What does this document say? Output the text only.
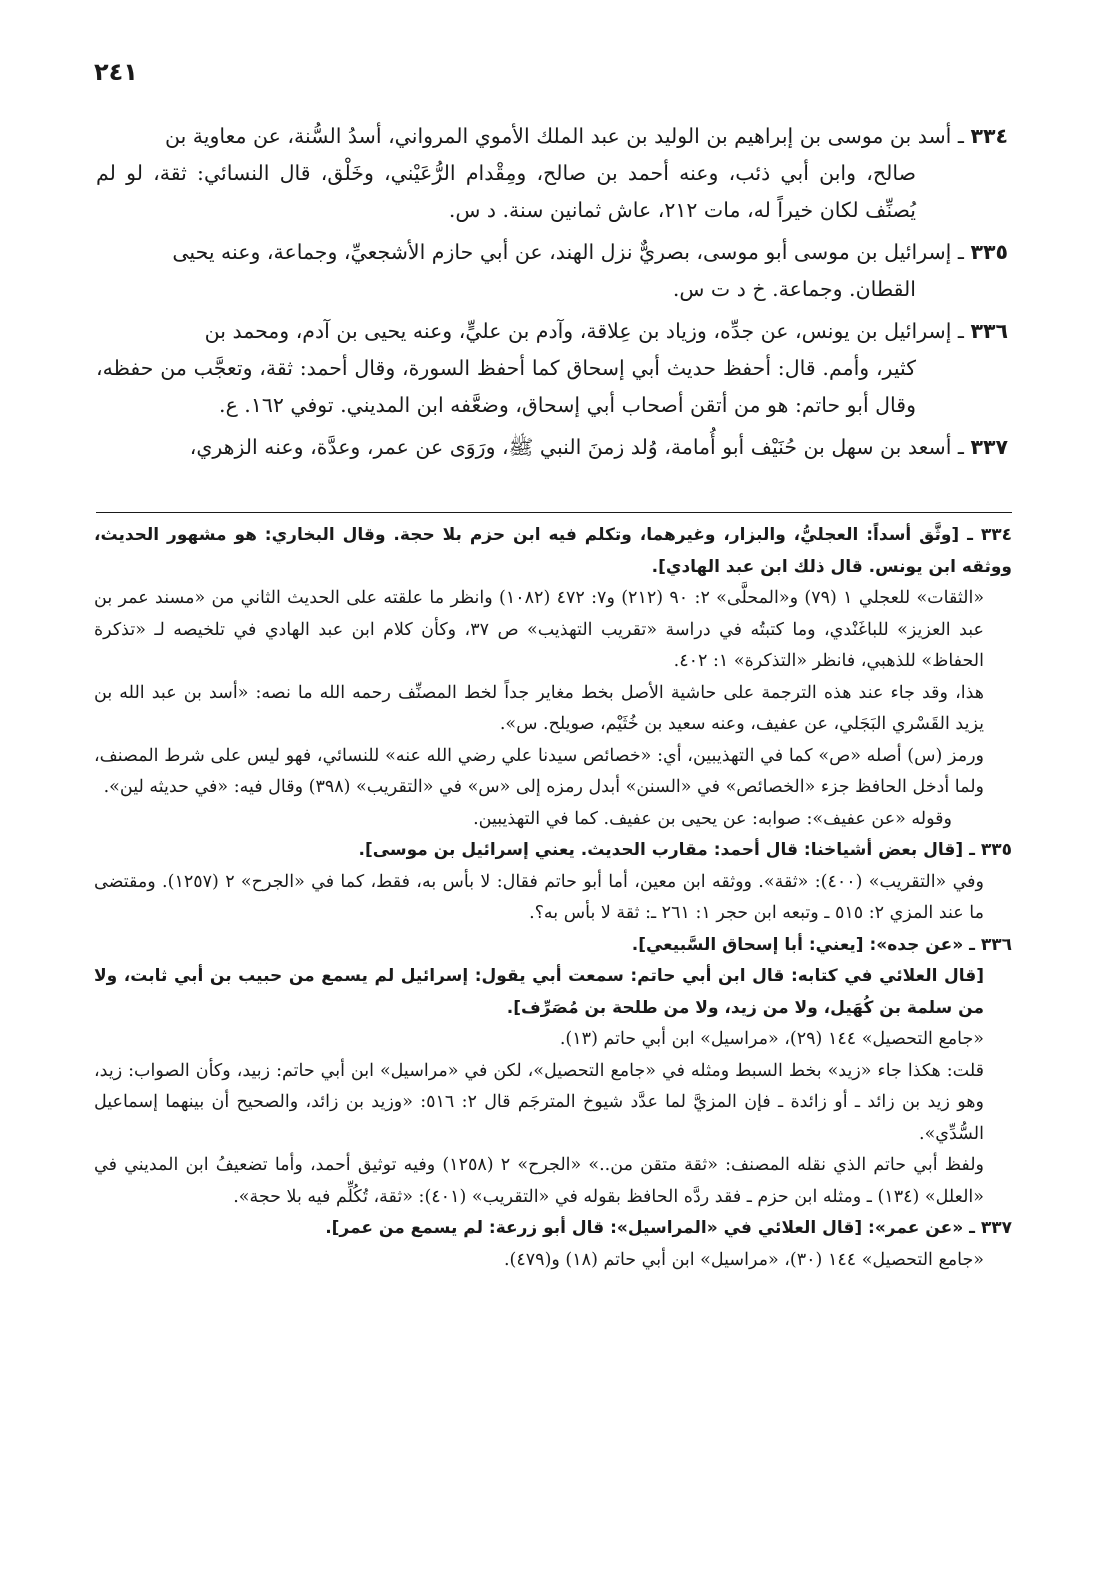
٢٤١
٣٣٤ ـ أسد بن موسى بن إبراهيم بن الوليد بن عبد الملك الأموي المرواني، أسدُ السُّنة، عن معاوية بن
صالح، وابن أبي ذئب، وعنه أحمد بن صالح، ومِقْدام الرُّعَيْني، وخَلْق، قال النسائي: ثقة، لو لم يُصنِّف لكان خيراً له، مات ٢١٢، عاش ثمانين سنة. د س.
٣٣٥ ـ إسرائيل بن موسى أبو موسى، بصريٌّ نزل الهند، عن أبي حازم الأشجعيِّ، وجماعة، وعنه يحيى
القطان. وجماعة. خ د ت س.
٣٣٦ ـ إسرائيل بن يونس، عن جدِّه، وزياد بن عِلاقة، وآدم بن عليٍّ، وعنه يحيى بن آدم، ومحمد بن
كثير، وأمم. قال: أحفظ حديث أبي إسحاق كما أحفظ السورة، وقال أحمد: ثقة، وتعجَّب من حفظه، وقال أبو حاتم: هو من أتقن أصحاب أبي إسحاق، وضعَّفه ابن المديني. توفي ١٦٢. ع.
٣٣٧ ـ أسعد بن سهل بن حُنَيْف أبو أُمامة، وُلد زمنَ النبي ﷺ، ورَوَى عن عمر، وعدَّة، وعنه الزهري،

٣٣٤ ـ [وثَّق أسداً: العجليُّ، والبزار، وغيرهما، وتكلم فيه ابن حزم بلا حجة. وقال البخاري: هو مشهور الحديث، ووثقه ابن يونس. قال ذلك ابن عبد الهادي].

«الثقات» للعجلي ١ (٧٩) و«المحلَّى» ٢: ٩٠ (٢١٢) و٧: ٤٧٢ (١٠٨٢) وانظر ما علقته على الحديث الثاني من «مسند عمر بن عبد العزيز» للباغَنْدي، وما كتبتُه في دراسة «تقريب التهذيب» ص ٣٧، وكأن كلام ابن عبد الهادي في تلخيصه لـ «تذكرة الحفاظ» للذهبي، فانظر «التذكرة» ١: ٤٠٢.

هذا، وقد جاء عند هذه الترجمة على حاشية الأصل بخط مغاير جداً لخط المصنِّف رحمه الله ما نصه: «أسد بن عبد الله بن يزيد القَسْري البَجَلي، عن عفيف، وعنه سعيد بن خُثَيْم، صويلح. س».

ورمز (س) أصله «ص» كما في التهذيبين، أي: «خصائص سيدنا علي رضي الله عنه» للنسائي، فهو ليس على شرط المصنف، ولما أدخل الحافظ جزء «الخصائص» في «السنن» أبدل رمزه إلى «س» في «التقريب» (٣٩٨) وقال فيه: «في حديثه لين».

وقوله «عن عفيف»: صوابه: عن يحيى بن عفيف. كما في التهذيبين.

٣٣٥ ـ [قال بعض أشياخنا: قال أحمد: مقارب الحديث. يعني إسرائيل بن موسى].

وفي «التقريب» (٤٠٠): «ثقة». ووثقه ابن معين، أما أبو حاتم فقال: لا بأس به، فقط، كما في «الجرح» ٢ (١٢٥٧). ومقتضى ما عند المزي ٢: ٥١٥ ـ وتبعه ابن حجر ١: ٢٦١ ـ: ثقة لا بأس به؟.

٣٣٦ ـ «عن جده»: [يعني: أبا إسحاق السَّبيعي].

[قال العلائي في كتابه: قال ابن أبي حاتم: سمعت أبي يقول: إسرائيل لم يسمع من حبيب بن أبي ثابت، ولا من سلمة بن كُهَيل، ولا من زيد، ولا من طلحة بن مُصَرِّف].

«جامع التحصيل» ١٤٤ (٢٩)، «مراسيل» ابن أبي حاتم (١٣).

قلت: هكذا جاء «زيد» بخط السبط ومثله في «جامع التحصيل»، لكن في «مراسيل» ابن أبي حاتم: زبيد، وكأن الصواب: زيد، وهو زيد بن زائد ـ أو زائدة ـ فإن المزيَّ لما عدَّد شيوخ المترجَم قال ٢: ٥١٦: «وزيد بن زائد، والصحيح أن بينهما إسماعيل السُّدِّي».

ولفظ أبي حاتم الذي نقله المصنف: «ثقة متقن من..» «الجرح» ٢ (١٢٥٨) وفيه توثيق أحمد، وأما تضعيفُ ابن المديني في «العلل» (١٣٤) ـ ومثله ابن حزم ـ فقد ردَّه الحافظ بقوله في «التقريب» (٤٠١): «ثقة، تُكُلِّم فيه بلا حجة».

٣٣٧ ـ «عن عمر»: [قال العلائي في «المراسيل»: قال أبو زرعة: لم يسمع من عمر].

«جامع التحصيل» ١٤٤ (٣٠)، «مراسيل» ابن أبي حاتم (١٨) و(٤٧٩).
